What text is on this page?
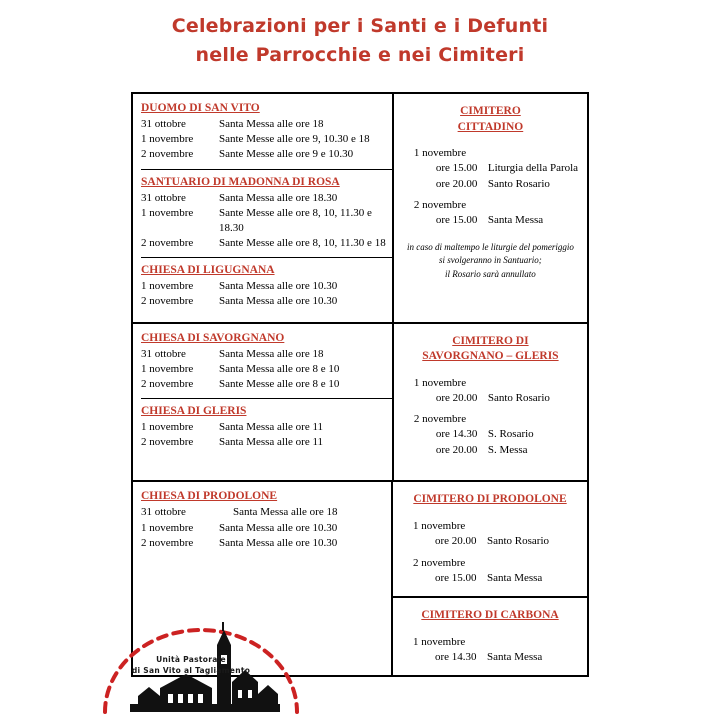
Celebrazioni per i Santi e i Defunti
nelle Parrocchie e nei Cimiteri
DUOMO DI SAN VITO
31 ottobre	Santa Messa alle ore 18
1 novembre	Sante Messe alle ore 9, 10.30 e 18
2 novembre	Sante Messe alle ore 9 e 10.30
SANTUARIO DI MADONNA DI ROSA
31 ottobre	Santa Messa alle ore 18.30
1 novembre	Sante Messe alle ore 8, 10, 11.30 e 18.30
2 novembre	Sante Messe alle ore 8, 10, 11.30 e 18
CHIESA DI LIGUGNANA
1 novembre	Santa Messa alle ore 10.30
2 novembre	Santa Messa alle ore 10.30
CIMITERO
CITTADINO
1 novembre
ore 15.00 Liturgia della Parola
ore 20.00 Santo Rosario
2 novembre
ore 15.00 Santa Messa
in caso di maltempo le liturgie del pomeriggio
si svolgeranno in Santuario;
il Rosario sarà annullato
CHIESA DI SAVORGNANO
31 ottobre	Santa Messa alle ore 18
1 novembre	Santa Messa alle ore 8 e 10
2 novembre	Sante Messe alle ore 8 e 10
CHIESA DI GLERIS
1 novembre	Santa Messa alle ore 11
2 novembre	Santa Messa alle ore 11
CIMITERO DI
SAVORGNANO – GLERIS
1 novembre
ore 20.00 Santo Rosario
2 novembre
ore 14.30 S. Rosario
ore 20.00 S. Messa
CHIESA DI PRODOLONE
31 ottobre	Santa Messa alle ore 18
1 novembre	Santa Messa alle ore 10.30
2 novembre	Santa Messa alle ore 10.30
CIMITERO DI PRODOLONE
1 novembre
ore 20.00 Santo Rosario
2 novembre
ore 15.00 Santa Messa
CIMITERO DI CARBONA
1 novembre
ore 14.30 Santa Messa
Unità Pastorale
di San Vito al Tagliamento
